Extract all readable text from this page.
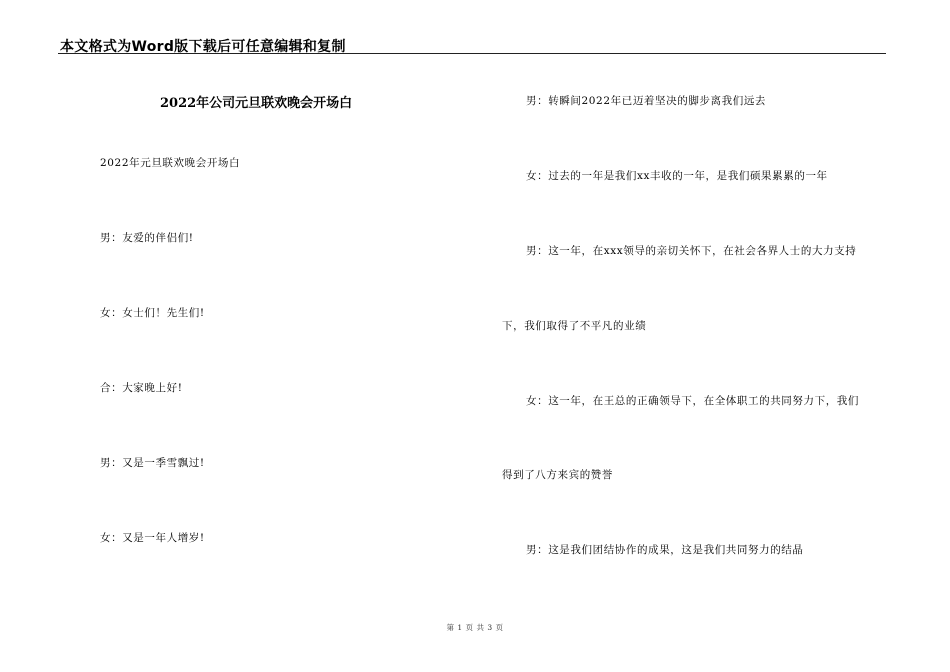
本文格式为Word版下载后可任意编辑和复制
2022年公司元旦联欢晚会开场白
2022年元旦联欢晚会开场白
男：友爱的伴侣们!
女：女士们！先生们!
合：大家晚上好!
男：又是一季雪飘过!
女：又是一年人增岁!
男：转瞬间2022年已迈着坚决的脚步离我们远去
女：过去的一年是我们xx丰收的一年，是我们硕果累累的一年
男：这一年，在xxx领导的亲切关怀下，在社会各界人士的大力支持
下，我们取得了不平凡的业绩
女：这一年，在王总的正确领导下，在全体职工的共同努力下，我们
得到了八方来宾的赞誉
男：这是我们团结协作的成果，这是我们共同努力的结晶
第 1 页 共 3 页
